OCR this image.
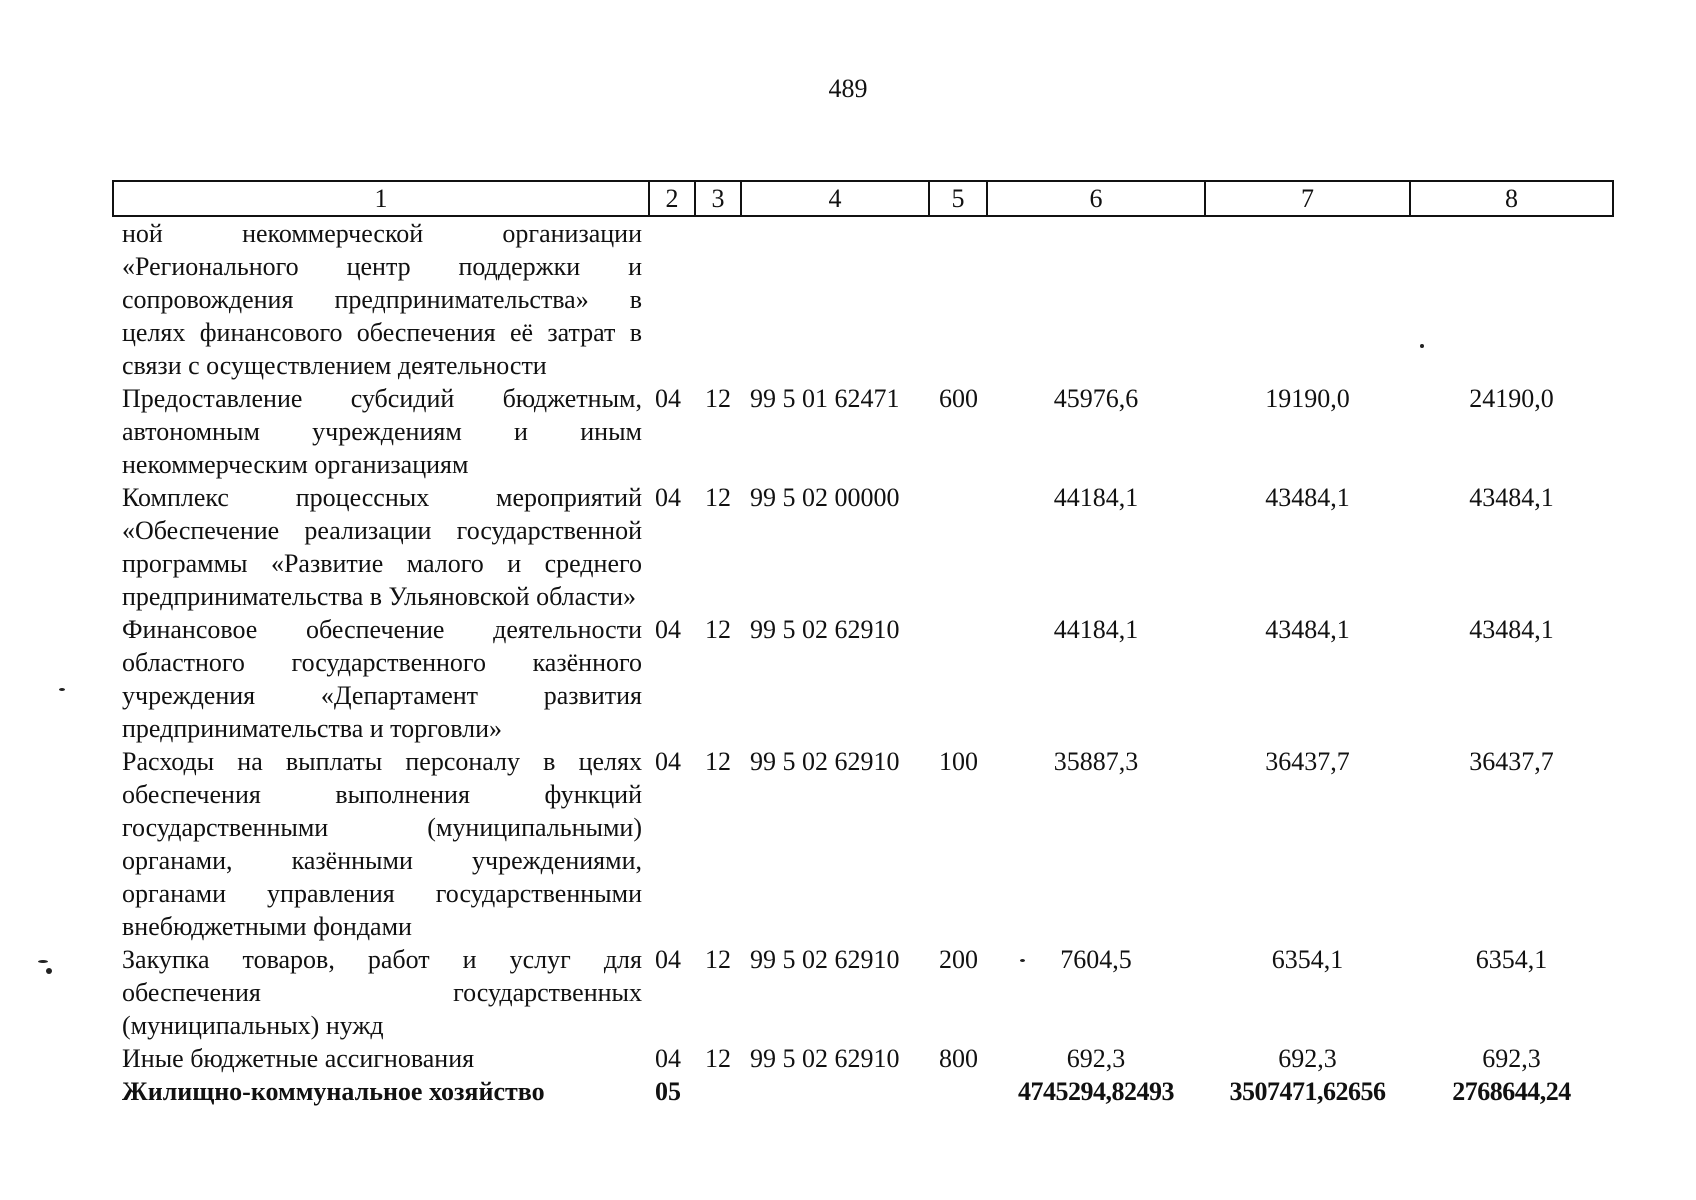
489
1	2	3	4	5	6	7	8
ной некоммерческой организации «Регионального центр поддержки и сопровождения предпринимательства» в целях финансового обеспечения её затрат в связи с осуществлением деятельности							
Предоставление субсидий бюджетным, автономным учреждениям и иным некоммерческим организациям	04	12	99 5 01 62471	600	45976,6	19190,0	24190,0
Комплекс процессных мероприятий «Обеспечение реализации государственной программы «Развитие малого и среднего предпринимательства в Ульяновской области»	04	12	99 5 02 00000		44184,1	43484,1	43484,1
Финансовое обеспечение деятельности областного государственного казённого учреждения «Департамент развития предпринимательства и торговли»	04	12	99 5 02 62910		44184,1	43484,1	43484,1
Расходы на выплаты персоналу в целях обеспечения выполнения функций государственными (муниципальными) органами, казёнными учреждениями, органами управления государственными внебюджетными фондами	04	12	99 5 02 62910	100	35887,3	36437,7	36437,7
Закупка товаров, работ и услуг для обеспечения государственных (муниципальных) нужд	04	12	99 5 02 62910	200	7604,5	6354,1	6354,1
Иные бюджетные ассигнования	04	12	99 5 02 62910	800	692,3	692,3	692,3
Жилищно-коммунальное хозяйство	05				4745294,82493	3507471,62656	2768644,24
